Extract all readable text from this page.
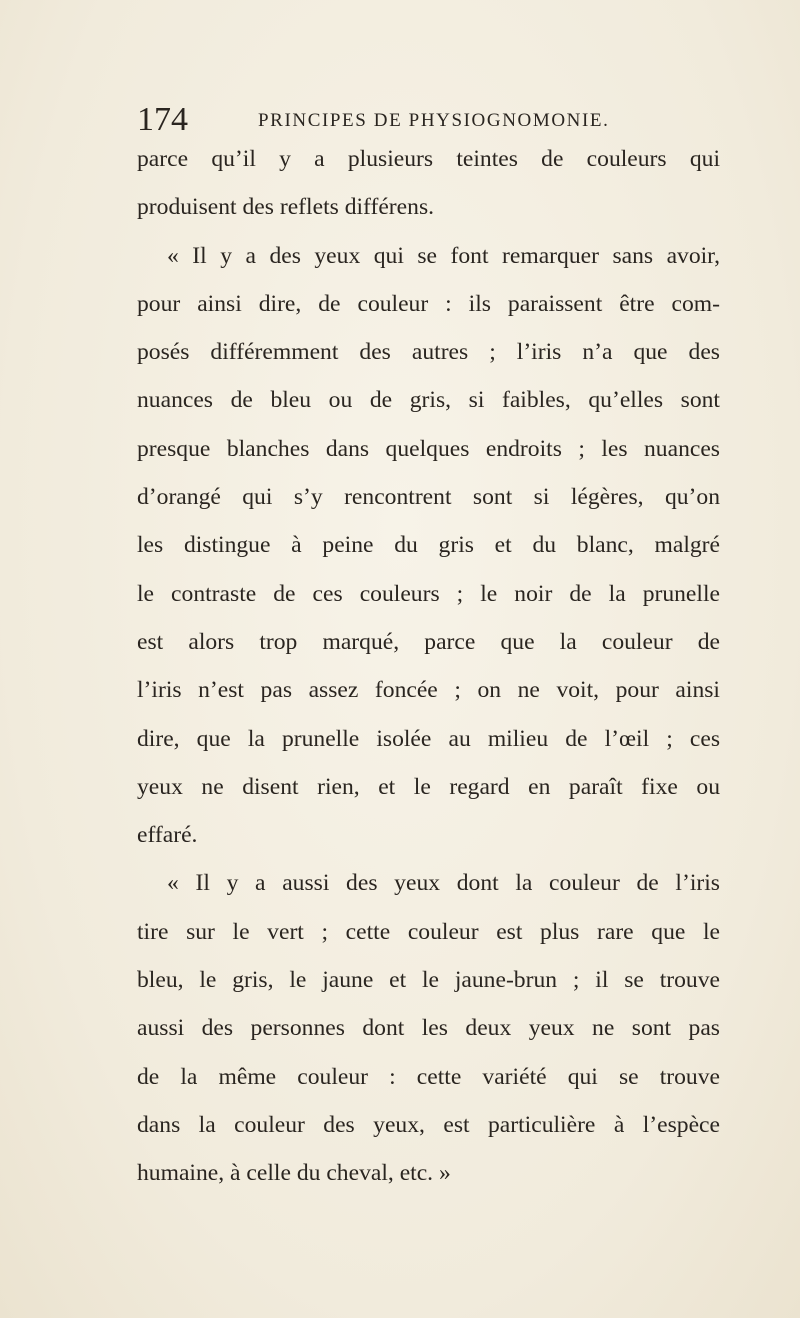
174	PRINCIPES DE PHYSIOGNOMONIE.
parce qu’il y a plusieurs teintes de couleurs qui
produisent des reflets différens.
« Il y a des yeux qui se font remarquer sans avoir,
pour ainsi dire, de couleur : ils paraissent être com-
posés différemment des autres ; l’iris n’a que des
nuances de bleu ou de gris, si faibles, qu’elles sont
presque blanches dans quelques endroits ; les nuances
d’orangé qui s’y rencontrent sont si légères, qu’on
les distingue à peine du gris et du blanc, malgré
le contraste de ces couleurs ; le noir de la prunelle
est alors trop marqué, parce que la couleur de
l’iris n’est pas assez foncée ; on ne voit, pour ainsi
dire, que la prunelle isolée au milieu de l’œil ; ces
yeux ne disent rien, et le regard en paraît fixe ou
effaré.
« Il y a aussi des yeux dont la couleur de l’iris
tire sur le vert ; cette couleur est plus rare que le
bleu, le gris, le jaune et le jaune-brun ; il se trouve
aussi des personnes dont les deux yeux ne sont pas
de la même couleur : cette variété qui se trouve
dans la couleur des yeux, est particulière à l’espèce
humaine, à celle du cheval, etc. »
